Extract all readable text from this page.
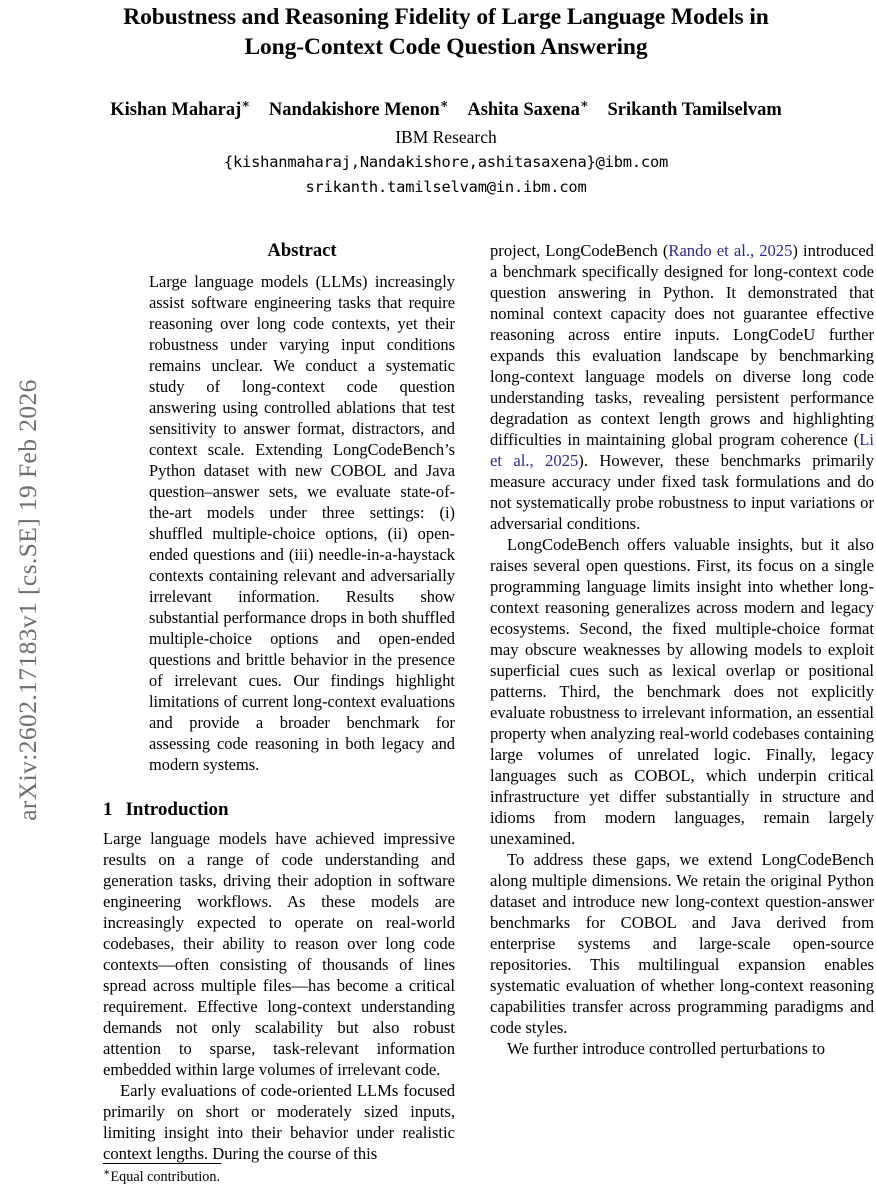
arXiv:2602.17183v1 [cs.SE] 19 Feb 2026
Robustness and Reasoning Fidelity of Large Language Models in
Long-Context Code Question Answering
Kishan Maharaj∗ Nandakishore Menon∗ Ashita Saxena∗ Srikanth Tamilselvam
IBM Research
{kishanmaharaj,Nandakishore,ashitasaxena}@ibm.com
srikanth.tamilselvam@in.ibm.com
Abstract

Large language models (LLMs) increasingly assist software engineering tasks that require reasoning over long code contexts, yet their robustness under varying input conditions remains unclear. We conduct a systematic study of long-context code question answering using controlled ablations that test sensitivity to answer format, distractors, and context scale. Extending LongCodeBench’s Python dataset with new COBOL and Java question–answer sets, we evaluate state-of-the-art models under three settings: (i) shuffled multiple-choice options, (ii) open-ended questions and (iii) needle-in-a-haystack contexts containing relevant and adversarially irrelevant information. Results show substantial performance drops in both shuffled multiple-choice options and open-ended questions and brittle behavior in the presence of irrelevant cues. Our findings highlight limitations of current long-context evaluations and provide a broader benchmark for assessing code reasoning in both legacy and modern systems.

1 Introduction

Large language models have achieved impressive results on a range of code understanding and generation tasks, driving their adoption in software engineering workflows. As these models are increasingly expected to operate on real-world codebases, their ability to reason over long code contexts—often consisting of thousands of lines spread across multiple files—has become a critical requirement. Effective long-context understanding demands not only scalability but also robust attention to sparse, task-relevant information embedded within large volumes of irrelevant code.

Early evaluations of code-oriented LLMs focused primarily on short or moderately sized inputs, limiting insight into their behavior under realistic context lengths. During the course of this

project, LongCodeBench (Rando et al., 2025) introduced a benchmark specifically designed for long-context code question answering in Python. It demonstrated that nominal context capacity does not guarantee effective reasoning across entire inputs. LongCodeU further expands this evaluation landscape by benchmarking long-context language models on diverse long code understanding tasks, revealing persistent performance degradation as context length grows and highlighting difficulties in maintaining global program coherence (Li et al., 2025). However, these benchmarks primarily measure accuracy under fixed task formulations and do not systematically probe robustness to input variations or adversarial conditions.

LongCodeBench offers valuable insights, but it also raises several open questions. First, its focus on a single programming language limits insight into whether long-context reasoning generalizes across modern and legacy ecosystems. Second, the fixed multiple-choice format may obscure weaknesses by allowing models to exploit superficial cues such as lexical overlap or positional patterns. Third, the benchmark does not explicitly evaluate robustness to irrelevant information, an essential property when analyzing real-world codebases containing large volumes of unrelated logic. Finally, legacy languages such as COBOL, which underpin critical infrastructure yet differ substantially in structure and idioms from modern languages, remain largely unexamined.

To address these gaps, we extend LongCodeBench along multiple dimensions. We retain the original Python dataset and introduce new long-context question-answer benchmarks for COBOL and Java derived from enterprise systems and large-scale open-source repositories. This multilingual expansion enables systematic evaluation of whether long-context reasoning capabilities transfer across programming paradigms and code styles.

We further introduce controlled perturbations to

∗Equal contribution.
